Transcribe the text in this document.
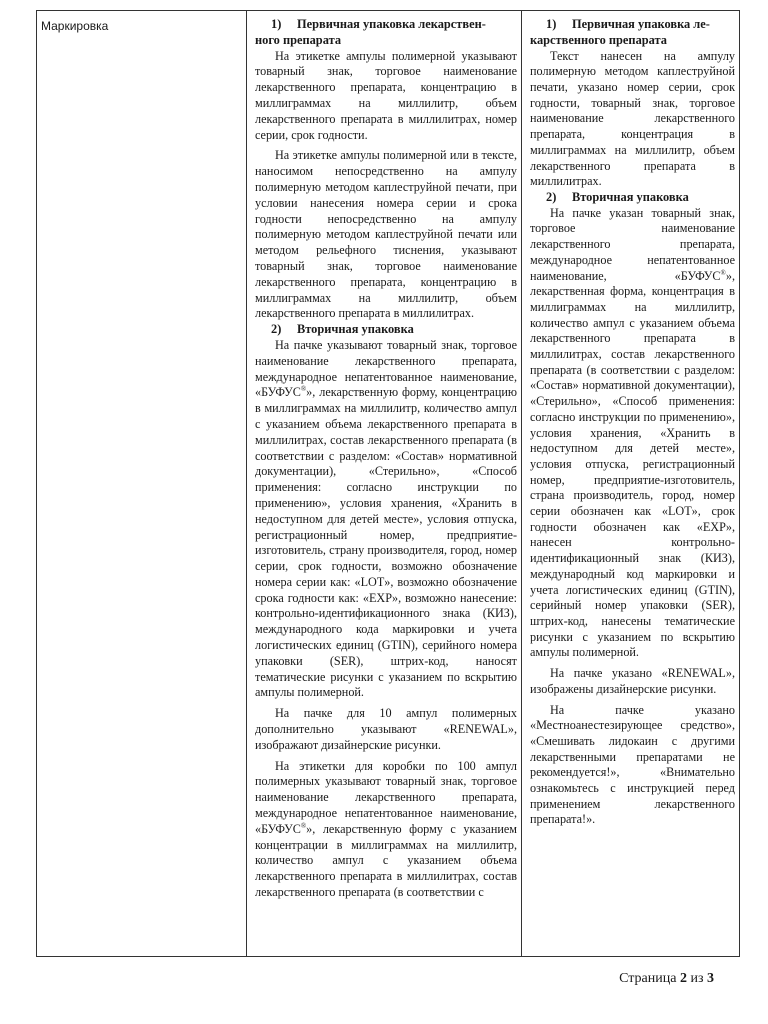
Маркировка	1) Первичная упаковка лекарствен-
ного препарата

На этикетке ампулы полимерной указывают товарный знак, торговое наименование лекарственного препарата, концентрацию в миллиграммах на миллилитр, объем лекарственного препарата в миллилитрах, номер серии, срок годности.

На этикетке ампулы полимерной или в тексте, наносимом непосредственно на ампулу полимерную методом каплеструйной печати, при условии нанесения номера серии и срока годности непосредственно на ампулу полимерную методом каплеструйной печати или методом рельефного тиснения, указывают товарный знак, торговое наименование лекарственного препарата, концентрацию в миллиграммах на миллилитр, объем лекарственного препарата в миллилитрах.

2) Вторичная упаковка

На пачке указывают товарный знак, торговое наименование лекарственного препарата, международное непатентованное наименование, «БУФУС®», лекарственную форму, концентрацию в миллиграммах на миллилитр, количество ампул с указанием объема лекарственного препарата в миллилитрах, состав лекарственного препарата (в соответствии с разделом: «Состав» нормативной документации), «Стерильно», «Способ применения: согласно инструкции по применению», условия хранения, «Хранить в недоступном для детей месте», условия отпуска, регистрационный номер, предприятие-изготовитель, страну производителя, город, номер серии, срок годности, возможно обозначение номера серии как: «LOT», возможно обозначение срока годности как: «EXP», возможно нанесение: контрольно-идентификационного знака (КИЗ), международного кода маркировки и учета логистических единиц (GTIN), серийного номера упаковки (SER), штрих-код, наносят тематические рисунки с указанием по вскрытию ампулы полимерной.

На пачке для 10 ампул полимерных дополнительно указывают «RENEWAL», изображают дизайнерские рисунки.

На этикетки для коробки по 100 ампул полимерных указывают товарный знак, торговое наименование лекарственного препарата, международное непатентованное наименование, «БУФУС®», лекарственную форму с указанием концентрации в миллиграммах на миллилитр, количество ампул с указанием объема лекарственного препарата в миллилитрах, состав лекарственного препарата (в соответствии с

1) Первичная упаковка ле-
карственного препарата

Текст нанесен на ампулу полимерную методом каплеструйной печати, указано номер серии, срок годности, товарный знак, торговое наименование лекарственного препарата, концентрация в миллиграммах на миллилитр, объем лекарственного препарата в миллилитрах.

2) Вторичная упаковка

На пачке указан товарный знак, торговое наименование лекарственного препарата, международное непатентованное наименование, «БУФУС®», лекарственная форма, концентрация в миллиграммах на миллилитр, количество ампул с указанием объема лекарственного препарата в миллилитрах, состав лекарственного препарата (в соответствии с разделом: «Состав» нормативной документации), «Стерильно», «Способ применения: согласно инструкции по применению», условия хранения, «Хранить в недоступном для детей месте», условия отпуска, регистрационный номер, предприятие-изготовитель, страна производитель, город, номер серии обозначен как «LOT», срок годности обозначен как «EXP», нанесен контрольно-идентификационный знак (КИЗ), международный код маркировки и учета логистических единиц (GTIN), серийный номер упаковки (SER), штрих-код, нанесены тематические рисунки с указанием по вскрытию ампулы полимерной.

На пачке указано «RENEWAL», изображены дизайнерские рисунки.

На пачке указано «Местноанестезирующее средство», «Смешивать лидокаин с другими лекарственными препаратами не рекомендуется!», «Внимательно ознакомьтесь с инструкцией перед применением лекарственного препарата!».

Страница 2 из 3
